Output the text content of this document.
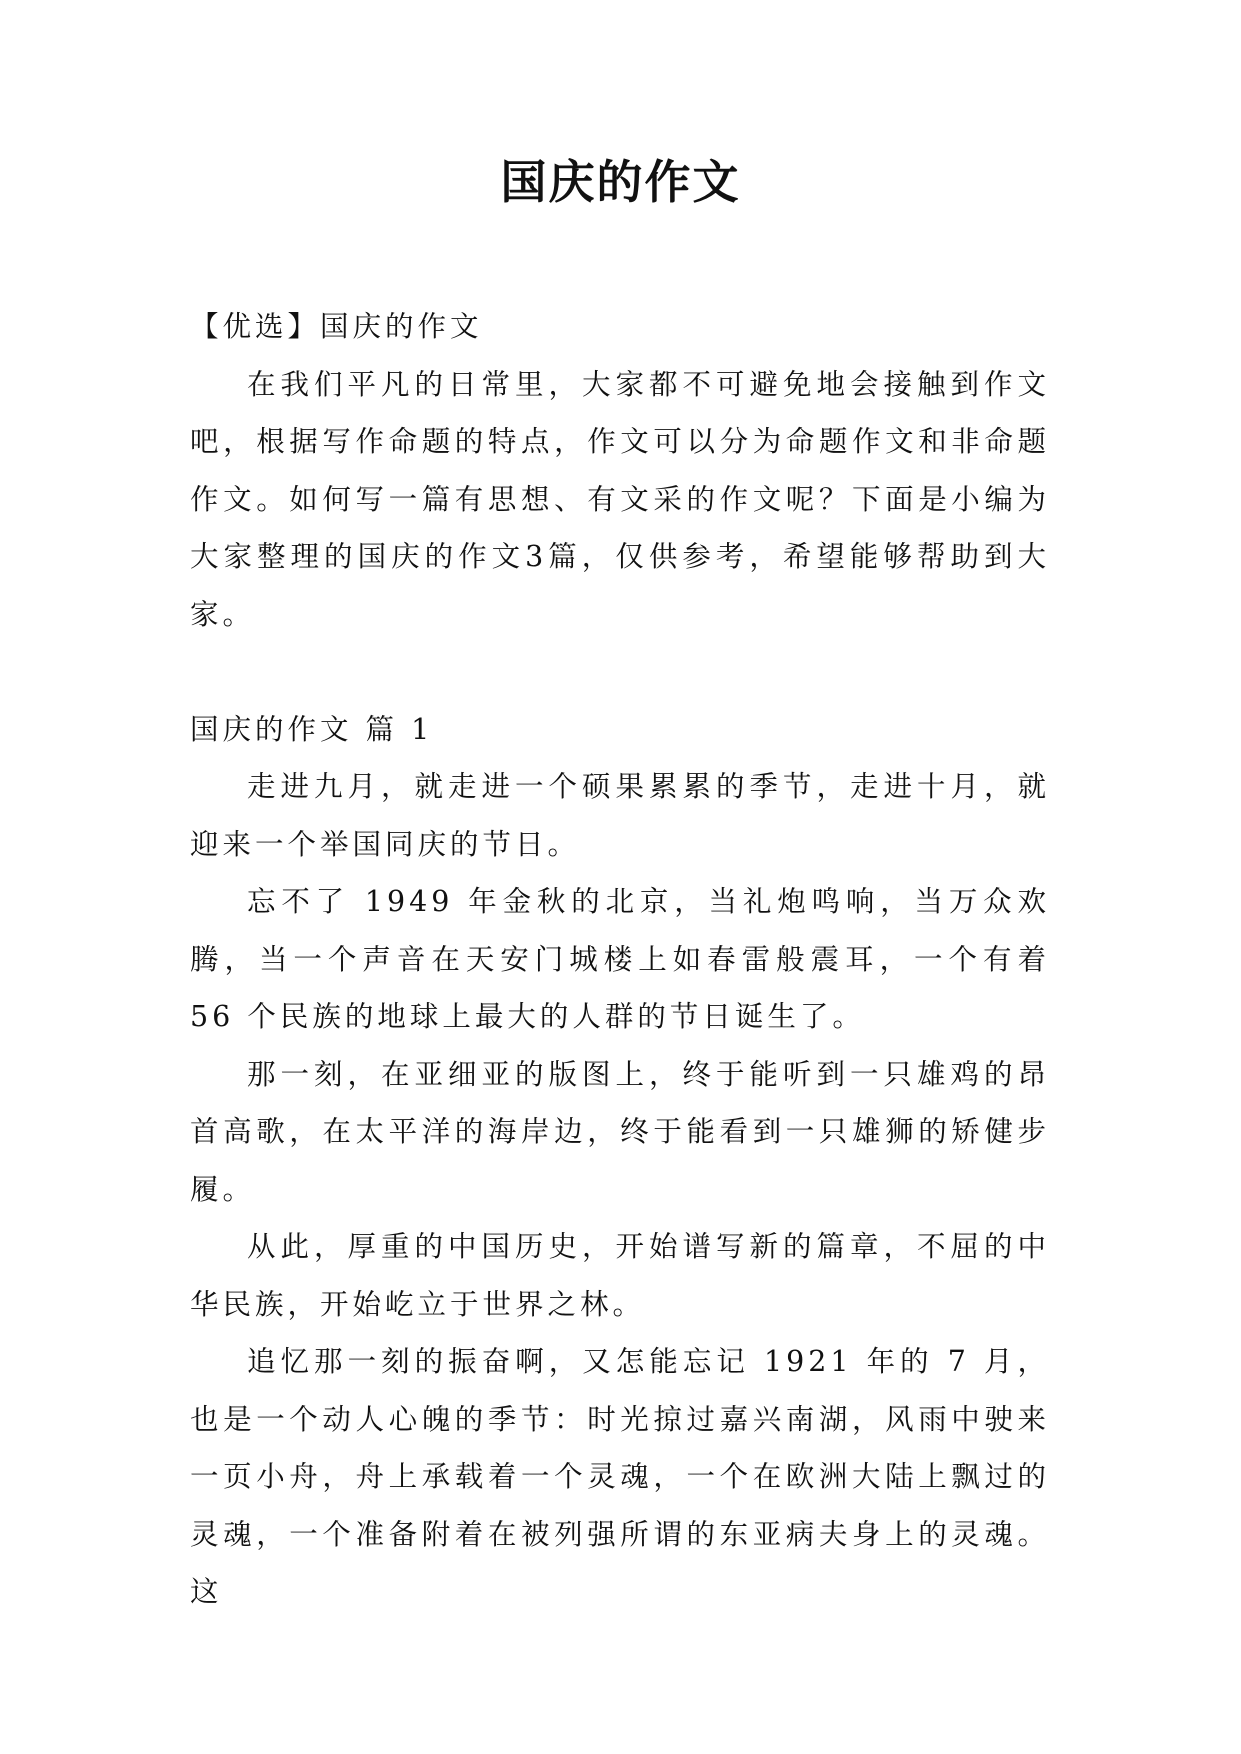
国庆的作文

【优选】国庆的作文

在我们平凡的日常里，大家都不可避免地会接触到作文吧，根据写作命题的特点，作文可以分为命题作文和非命题作文。如何写一篇有思想、有文采的作文呢？下面是小编为大家整理的国庆的作文3篇，仅供参考，希望能够帮助到大家。

国庆的作文 篇 1

走进九月，就走进一个硕果累累的季节，走进十月，就迎来一个举国同庆的节日。

忘不了 1949 年金秋的北京，当礼炮鸣响，当万众欢腾，当一个声音在天安门城楼上如春雷般震耳，一个有着 56 个民族的地球上最大的人群的节日诞生了。

那一刻，在亚细亚的版图上，终于能听到一只雄鸡的昂首高歌，在太平洋的海岸边，终于能看到一只雄狮的矫健步履。

从此，厚重的中国历史，开始谱写新的篇章，不屈的中华民族，开始屹立于世界之林。

追忆那一刻的振奋啊，又怎能忘记 1921 年的 7 月，也是一个动人心魄的季节：时光掠过嘉兴南湖，风雨中驶来一页小舟，舟上承载着一个灵魂，一个在欧洲大陆上飘过的灵魂，一个准备附着在被列强所谓的东亚病夫身上的灵魂。这
